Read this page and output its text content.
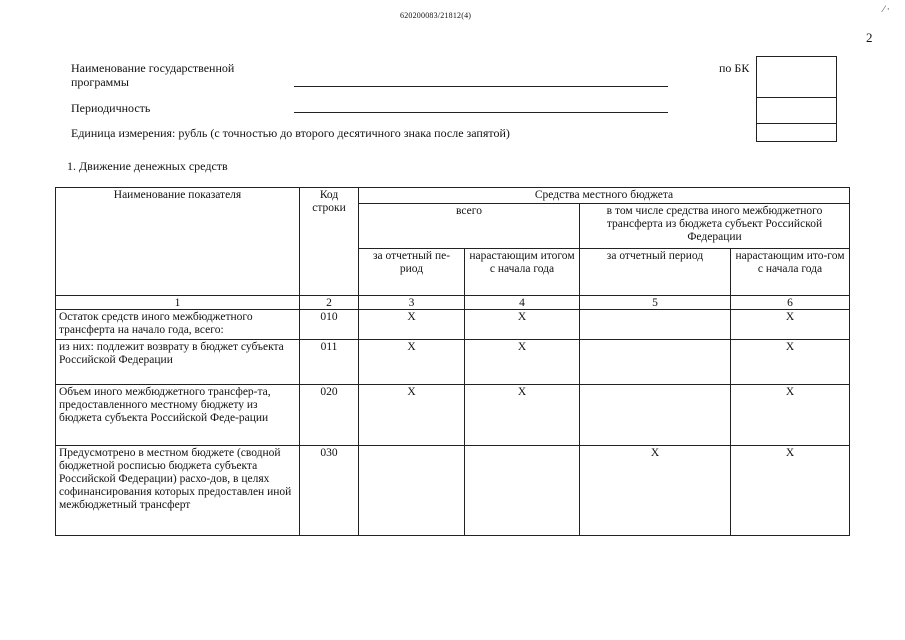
620200083/21812(4)
2
⁄ ·
Наименование государственной
программы
Периодичность
Единица измерения: рубль (с точностью до второго десятичного знака после запятой)
по БК
1. Движение денежных средств
Наименование показателя	Код строки	Средства местного бюджета			
		всего		в том числе средства иного межбюджетного трансферта из бюджета субъект Российской Федерации	
		за отчетный пе-риод	нарастающим итогом с начала года	за отчетный период	нарастающим ито-гом с начала года
1	2	3	4	5	6
Остаток средств иного межбюджетного трансферта на начало года, всего:	010	X	X		X
из них: подлежит возврату в бюджет субъекта Российской Федерации	011	X	X		X
Объем иного межбюджетного трансфер-та, предоставленного местному бюджету из бюджета субъекта Российской Феде-рации	020	X	X		X
Предусмотрено в местном бюджете (сводной бюджетной росписью бюджета субъекта Российской Федерации) расхо-дов, в целях софинансирования которых предоставлен иной межбюджетный трансферт	030			X	X
